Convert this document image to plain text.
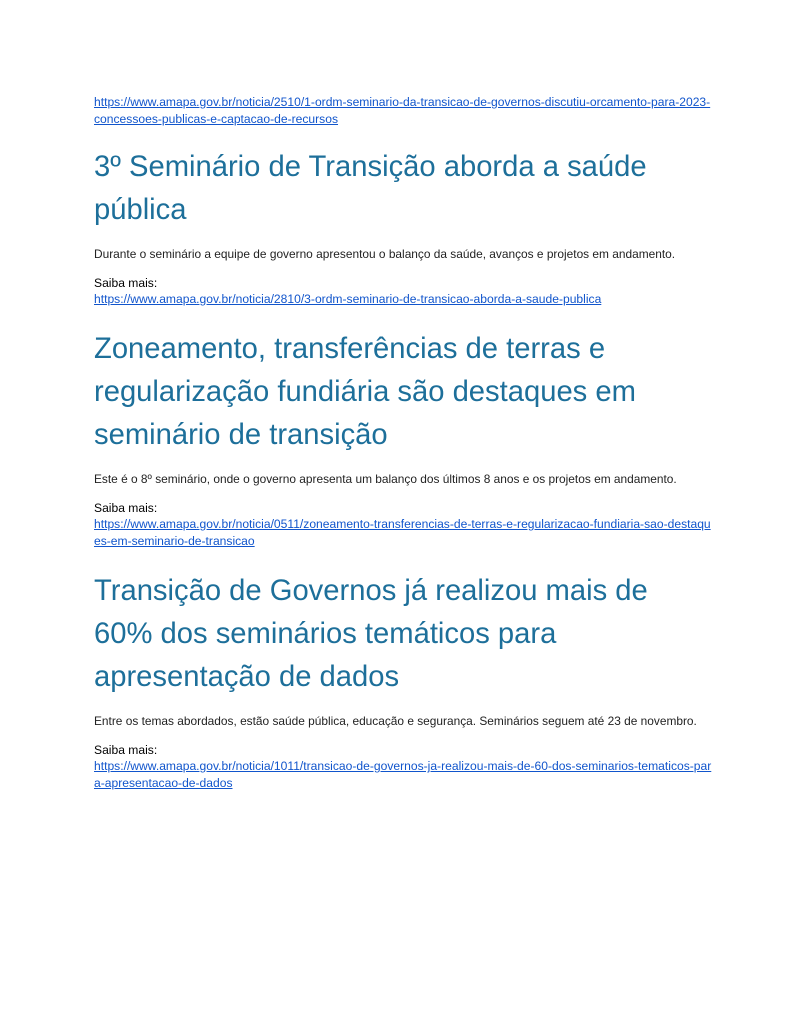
https://www.amapa.gov.br/noticia/2510/1-ordm-seminario-da-transicao-de-governos-discutiu-orcamento-para-2023-concessoes-publicas-e-captacao-de-recursos
3º Seminário de Transição aborda a saúde pública

Durante o seminário a equipe de governo apresentou o balanço da saúde, avanços e projetos em andamento.

Saiba mais:

https://www.amapa.gov.br/noticia/2810/3-ordm-seminario-de-transicao-aborda-a-saude-publica
Zoneamento, transferências de terras e regularização fundiária são destaques em seminário de transição

Este é o 8º seminário, onde o governo apresenta um balanço dos últimos 8 anos e os projetos em andamento.

Saiba mais:

https://www.amapa.gov.br/noticia/0511/zoneamento-transferencias-de-terras-e-regularizacao-fundiaria-sao-destaques-em-seminario-de-transicao
Transição de Governos já realizou mais de 60% dos seminários temáticos para apresentação de dados

Entre os temas abordados, estão saúde pública, educação e segurança. Seminários seguem até 23 de novembro.

Saiba mais:

https://www.amapa.gov.br/noticia/1011/transicao-de-governos-ja-realizou-mais-de-60-dos-seminarios-tematicos-para-apresentacao-de-dados
